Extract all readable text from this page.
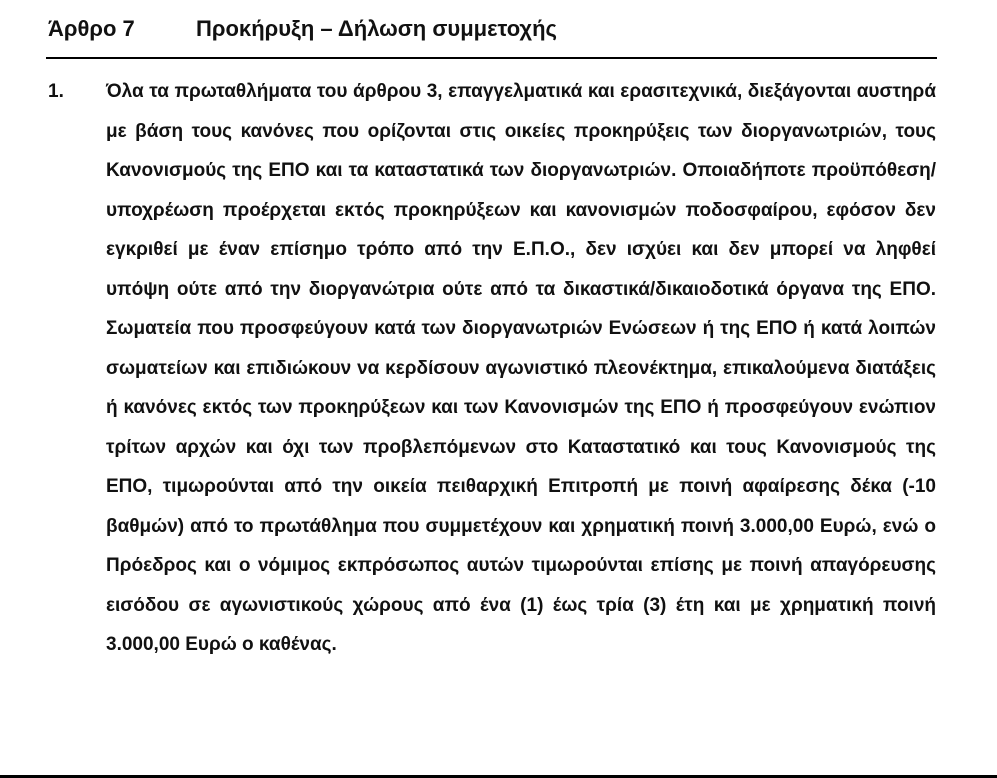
Άρθρο 7	Προκήρυξη – Δήλωση συμμετοχής
1. Όλα τα πρωταθλήματα του άρθρου 3, επαγγελματικά και ερασιτεχνικά, διεξάγονται αυστηρά με βάση τους κανόνες που ορίζονται στις οικείες προκηρύξεις των διοργανωτριών, τους Κανονισμούς της ΕΠΟ και τα καταστατικά των διοργανωτριών. Οποιαδήποτε προϋπόθεση/υποχρέωση προέρχεται εκτός προκηρύξεων και κανονισμών ποδοσφαίρου, εφόσον δεν εγκριθεί με έναν επίσημο τρόπο από την Ε.Π.Ο., δεν ισχύει και δεν μπορεί να ληφθεί υπόψη ούτε από την διοργανώτρια ούτε από τα δικαστικά/δικαιοδοτικά όργανα της ΕΠΟ. Σωματεία που προσφεύγουν κατά των διοργανωτριών Ενώσεων ή της ΕΠΟ ή κατά λοιπών σωματείων και επιδιώκουν να κερδίσουν αγωνιστικό πλεονέκτημα, επικαλούμενα διατάξεις ή κανόνες εκτός των προκηρύξεων και των Κανονισμών της ΕΠΟ ή προσφεύγουν ενώπιον τρίτων αρχών και όχι των προβλεπόμενων στο Καταστατικό και τους Κανονισμούς της ΕΠΟ, τιμωρούνται από την οικεία πειθαρχική Επιτροπή με ποινή αφαίρεσης δέκα (-10 βαθμών) από το πρωτάθλημα που συμμετέχουν και χρηματική ποινή 3.000,00 Ευρώ, ενώ ο Πρόεδρος και ο νόμιμος εκπρόσωπος αυτών τιμωρούνται επίσης με ποινή απαγόρευσης εισόδου σε αγωνιστικούς χώρους από ένα (1) έως τρία (3) έτη και με χρηματική ποινή 3.000,00 Ευρώ ο καθένας.
